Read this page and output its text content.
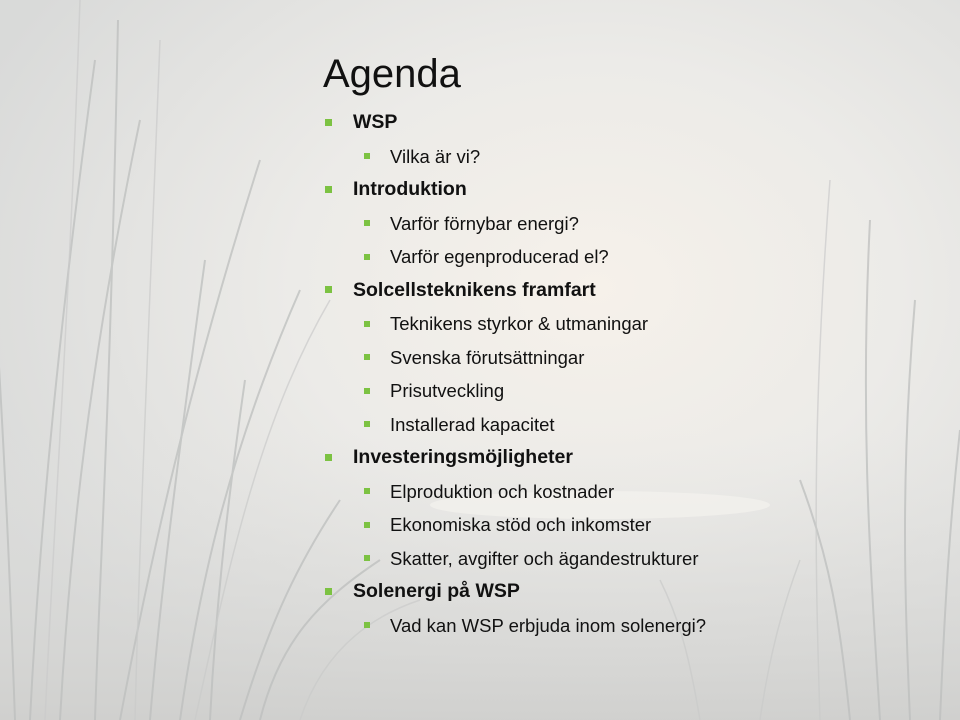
Agenda
WSP
Vilka är vi?
Introduktion
Varför förnybar energi?
Varför egenproducerad el?
Solcellsteknikens framfart
Teknikens styrkor & utmaningar
Svenska förutsättningar
Prisutveckling
Installerad kapacitet
Investeringsmöjligheter
Elproduktion och kostnader
Ekonomiska stöd och inkomster
Skatter, avgifter och ägandestrukturer
Solenergi på WSP
Vad kan WSP erbjuda inom solenergi?
